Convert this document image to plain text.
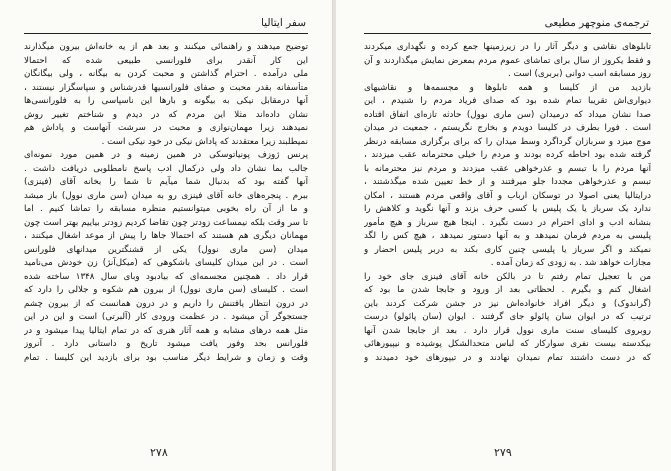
سفر ایتالیا
توضیح میدهند و راهنمائی میکنند و بعد هم از یه خانه‌اش بیرون میگذارند
این کار آنقدر برای فلورانسی طبیعی شده که احتمالا
ملی درآمده . احترام گذاشتن و محبت کردن به بیگانه ، ولی بیگانگان
متأسفانه بقدر محبت و صفای فلورانسیها قدرشناس و سپاسگزار نیستند ،
آنها درمقابل نیکی به بیگونه و بارها این ناسپاسی را به فلورانسی‌ها
نشان داده‌اند مثلا این مردم که در دیدم و شناختم تغییر روش
نمیدهند زیرا مهمان‌نوازی و محبت در سرشت آنهاست و پاداش هم
نمیطلبند زیرا معتقدند که پاداش نیکی در خود نیکی است .
پرنس ژوزف پونیاتوسکی در همین زمینه و در همین مورد نمونه‌ای
جالب بما نشان داد ولی درکمال ادب پاسخ نامطلوبی دریافت داشت .
آنها گفته بود که بدنبال شما میآیم تا شما را بخانه آقای (فینزی)
ببرم . پنجره‌های خانه آقای فینزی رو به میدان (سن ماری نوول) باز میشد
و ما از آن راه بخوبی میتوانستیم منظره مسابقه را تماشا کنیم . اما
تا سر وقت بلکه نیمساعت زودتر چون تقاضا کردیم زودتر بیاییم بهتر است چون
مهمانان دیگری هم هستند که احتمالا جاها را پیش از موعد اشغال میکنند ،
میدان (سن ماری نوول) یکی از قشنگترین میدانهای فلورانس
است . در این میدان کلیسای باشکوهی که (میکل‌آنژ) زن خودش می‌نامید
قرار داد . همچنین مجسمه‌ای که بیادبود وبای سال ۱۳۴۸ ساخته شده
است . کلیسای (سن ماری نوول) از بیرون هم شکوه و جلالی را دارد که
در درون انتظار یافتنش را داریم و در درون همانست که از بیرون چشم
جستجوگر آن میشود . در عظمت ورودی کار (آلبرتی) است و این در این
مثل همه درهای مشابه و همه آثار هنری که در تمام ایتالیا پیدا میشود و در
فلورانس بحد وفور یافت میشود تاریخ و داستانی دارد . آنروز
وقت و زمان و شرایط دیگر مناسب بود برای بازدید این کلیسا . تمام
۲۷۸
ترجمه‌ی منوچهر مطیعی
تابلوهای نقاشی و دیگر آثار را در زیرزمینها جمع کرده و نگهداری میکردند
و فقط یکروز از سال برای تماشای عموم مردم بمعرض نمایش میگذاردند و آن
روز مسابقه اسب دوانی (بربری) است .
بازدید من از کلیسا و همه تابلوها و مجسمه‌ها و نقاشیهای
دیواری‌اش تقریبا تمام شده بود که صدای فریاد مردم را شنیدم ، این
صدا نشان میداد که درمیدان (سن ماری نوول) حادثه تازه‌ای اتفاق افتاده
است . فورا بطرف در کلیسا دویدم و بخارج نگریستم ، جمعیت در میدان
موج میزد و سربازان گرداگرد وسط میدان را که برای برگزاری مسابقه درنظر
گرفته شده بود احاطه کرده بودند و مردم را خیلی محترمانه عقب میزدند ،
آنها مردم را با تبسم و عذرخواهی عقب میزدند و مردم نیز محترمانه با
تبسم و عذرخواهی مجددا جلو میرفتند و از خط تعیین شده میگذشتند ،
درایتالیا یعنی اصولا در توسکان ارباب و آقای واقعی مردم هستند ، امکان
ندارد یک سرباز یا یک پلیس یا کسی حرف بزند و آنها نگوید و کلاهش را
بنشانه ادب و ادای احترام در دست نگیرد . اینجا هیچ سرباز و هیچ مأمور
پلیسی به مردم فرمان نمیدهد و به آنها دستور نمیدهد ، هیچ کس را لگد
نمیکند و اگر سرباز یا پلیسی چنین کاری بکند به دربر پلیس احضار و
مجازات خواهد شد . به زودی که زمان آمده .
من با تعجیل تمام رفتم تا در بالکن خانه آقای فینزی جای خود را
اشغال کنم و بگیرم . لحظاتی بعد از ورود و جابجا شدن ما بود که
(گراندوک) و دیگر افراد خانواده‌اش نیز در جشن شرکت کردند باین
ترتیب که در ایوان سان پائولو جای گرفتند . ایوان (سان پائولو) درست
روبروی کلیسای سنت ماری نوول قرار دارد . بعد از جابجا شدن آنها
بیکدسته بیست نفری سوارکار که لباس متحدالشکل پوشیده و نیپیورهائی
که در دست داشتند تمام نمیدان نهادند و در تیپورهای خود دمیدند و
۲۷۹
